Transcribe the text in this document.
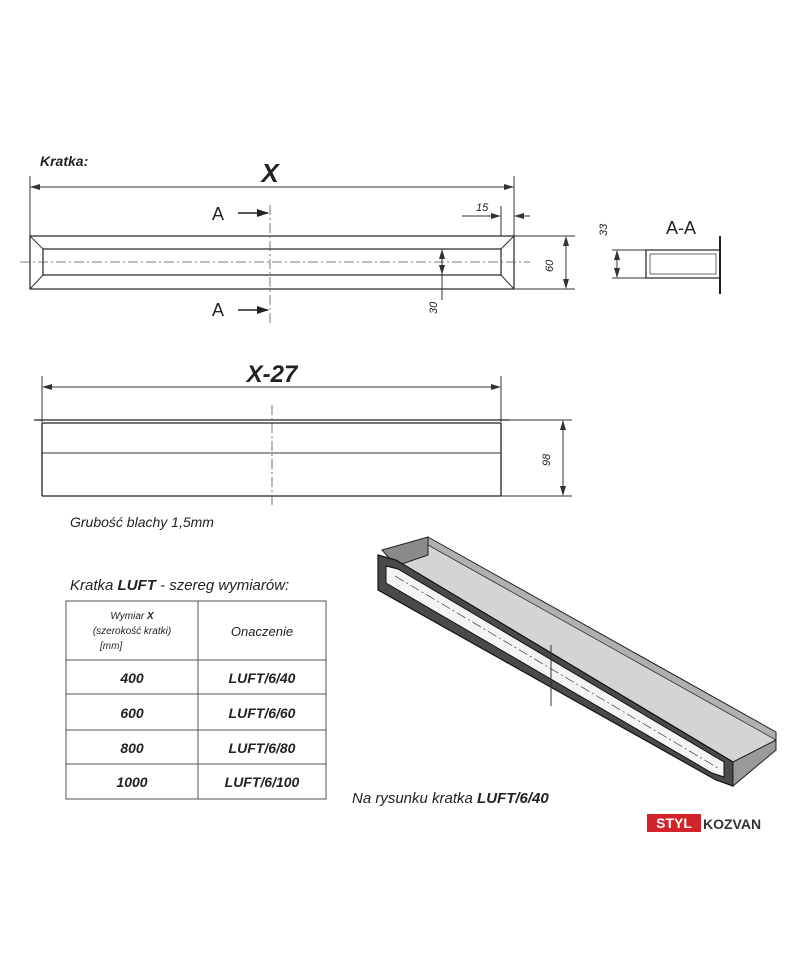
Kratka:	X
A
A
15
60
30
A-A
33
X-27
98
Grubość blachy 1,5mm
Kratka LUFT - szereg wymiarów:
Wymiar X
(szerokość kratki)
[mm]
Onaczenie
400	LUFT/6/40
600	LUFT/6/60
800	LUFT/6/80
1000	LUFT/6/100
Na rysunku kratka LUFT/6/40
STYL KOZVAN
